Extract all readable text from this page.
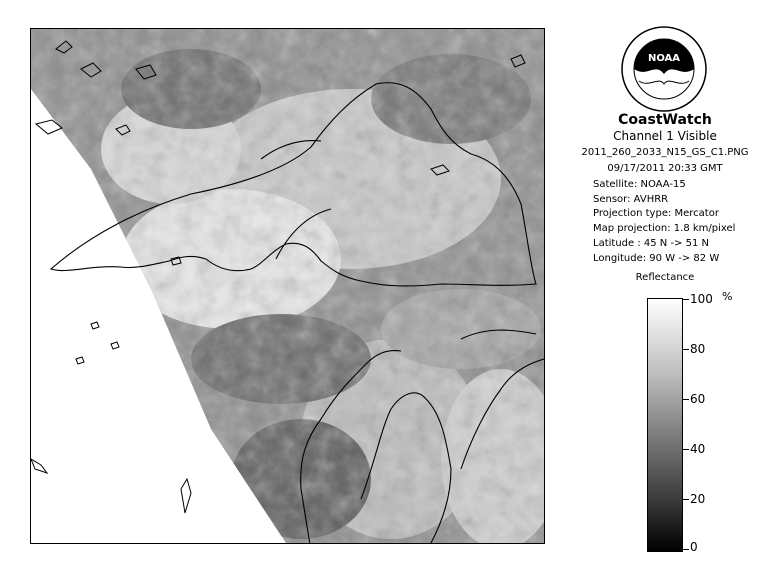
NOAA
CoastWatch
Channel 1 Visible
2011_260_2033_N15_GS_C1.PNG
09/17/2011 20:33 GMT
Satellite: NOAA-15
Sensor: AVHRR
Projection type: Mercator
Map projection: 1.8 km/pixel
Latitude : 45 N -> 51 N
Longitude: 90 W -> 82 W
Reflectance
%
100
80
60
40
20
0
